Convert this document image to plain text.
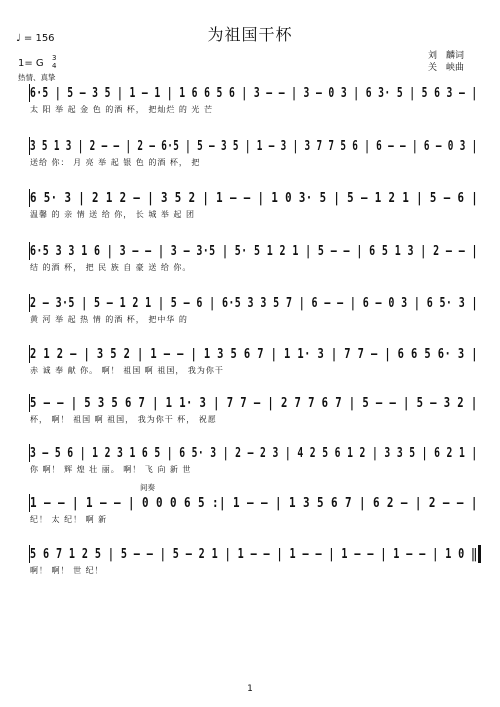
为祖国干杯
♩ = 156
刘　麟词
关　峡曲
1= G 3
4
热情、真挚
6·5 | 5 – 3 5 | 1 – 1 | 1 6 6 5 6 | 3 – – | 3 – 0 3 | 6 3· 5 | 5 6 3 – |
太 阳 举 起 金 色 的酒 杯， 把灿烂 的 光 芒
3 5 1 3 | 2 – – | 2 – 6·5 | 5 – 3 5 | 1 – 3 | 3 7 7 5 6 | 6 – – | 6 – 0 3 |
送给 你： 月 亮 举 起 银 色 的酒 杯， 把
6 5· 3 | 2 1 2 – | 3 5 2 | 1 – – | 1 0 3· 5 | 5 – 1 2 1 | 5 – 6 |
温馨 的 亲 情 送 给 你， 长 城 举 起 团
6·5 3 3 1 6 | 3 – – | 3 – 3·5 | 5· 5 1 2 1 | 5 – – | 6 5 1 3 | 2 – – |
结 的酒 杯， 把 民 族 自 豪 送 给 你。
2 – 3·5 | 5 – 1 2 1 | 5 – 6 | 6·5 3 3 5 7 | 6 – – | 6 – 0 3 | 6 5· 3 |
黄 河 举 起 热 情 的酒 杯， 把中华 的
2 1 2 – | 3 5 2 | 1 – – | 1 3 5 6 7 | 1 1· 3 | 7 7 – | 6 6 5 6· 3 |
赤 诚 奉 献 你。 啊！ 祖国 啊 祖国， 我为你干
5 – – | 5 3 5 6 7 | 1 1· 3 | 7 7 – | 2 7 7 6 7 | 5 – – | 5 – 3 2 |
杯， 啊！ 祖国 啊 祖国， 我为你干 杯， 祝愿
3 – 5 6 | 1 2 3 1 6 5 | 6 5· 3 | 2 – 2 3 | 4 2 5 6 1 2 | 3 3 5 | 6 2 1 |
你 啊！ 辉 煌 壮 丽。 啊！ 飞 向 新 世
间奏
1 – – | 1 – – | 0 0 0 6 5 :| 1 – – | 1 3 5 6 7 | 6 2 – | 2 – – |
纪！ 太 纪！ 啊 新
5 6 7 1 2 5 | 5 – – | 5 – 2 1 | 1 – – | 1 – – | 1 – – | 1 – – | 1 0 ‖
啊！ 啊！ 世 纪！
1
